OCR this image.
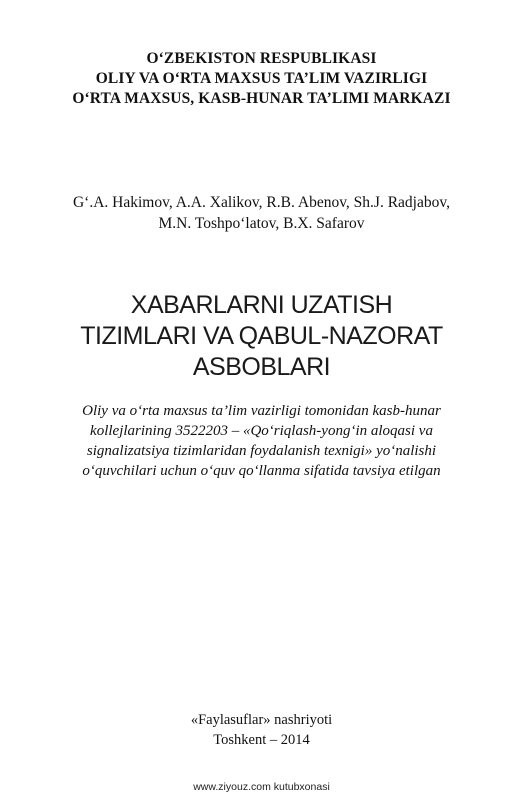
O‘ZBEKISTON RESPUBLIKASI
OLIY VA O‘RTA MAXSUS TA’LIM VAZIRLIGI
O‘RTA MAXSUS, KASB-HUNAR TA’LIMI MARKAZI
G‘.A. Hakimov, A.A. Xalikov, R.B. Abenov, Sh.J. Radjabov,
M.N. Toshpo‘latov, B.X. Safarov
XABARLARNI UZATISH
TIZIMLARI VA QABUL-NAZORAT
ASBOBLARI
Oliy va o‘rta maxsus ta’lim vazirligi tomonidan kasb-hunar
kollejlarining 3522203 – «Qo‘riqlash-yong‘in aloqasi va
signalizatsiya tizimlaridan foydalanish texnigi» yo‘nalishi
o‘quvchilari uchun o‘quv qo‘llanma sifatida tavsiya etilgan
«Faylasuflar» nashriyoti
Toshkent – 2014
www.ziyouz.com kutubxonasi
